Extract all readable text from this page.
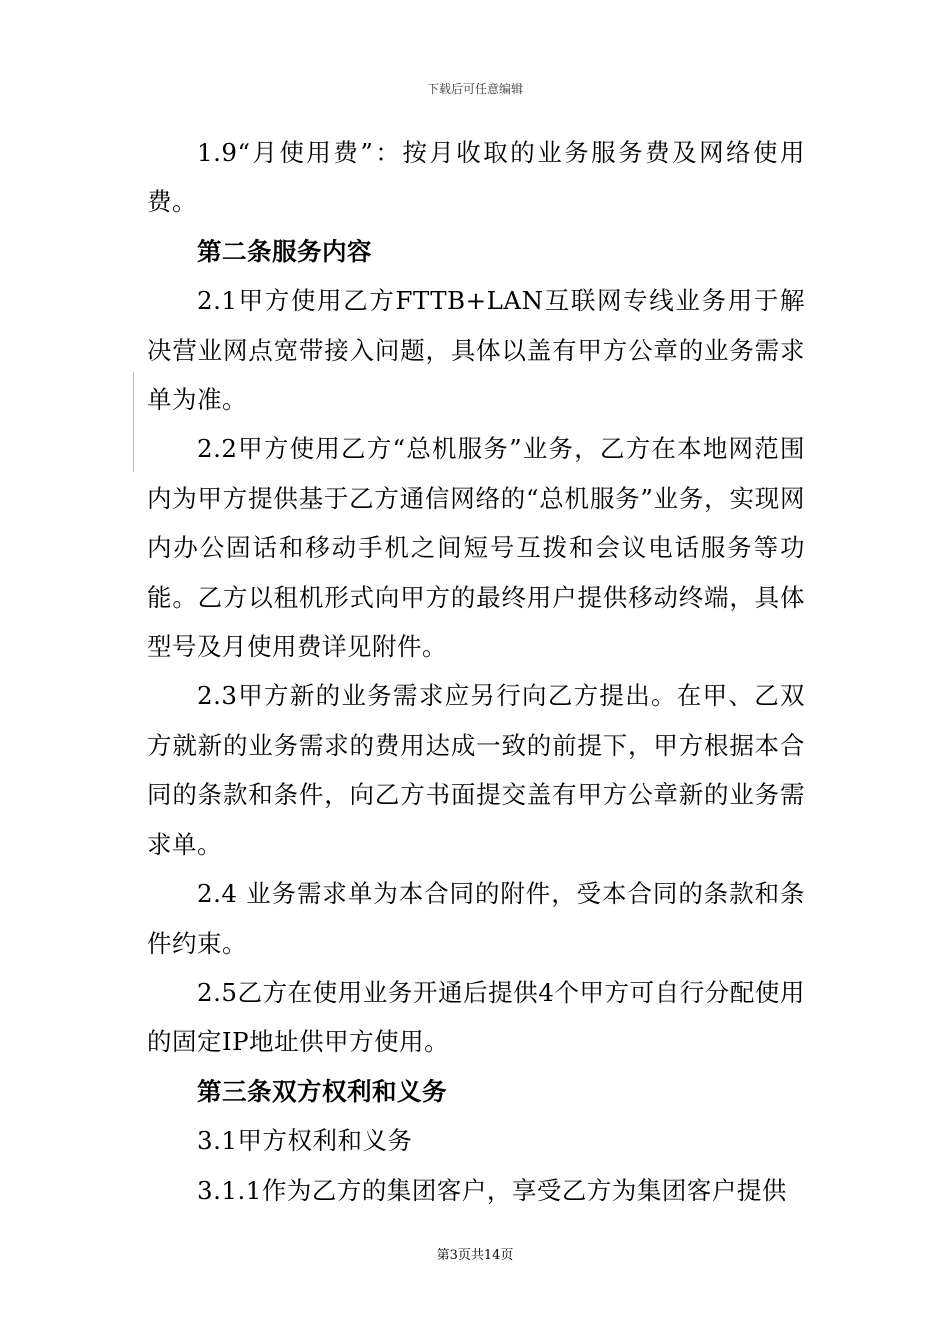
下载后可任意编辑

1.9“月使用费”：按月收取的业务服务费及网络使用费。

第二条服务内容

2.1甲方使用乙方FTTB+LAN互联网专线业务用于解决营业网点宽带接入问题，具体以盖有甲方公章的业务需求单为准。

2.2甲方使用乙方“总机服务”业务，乙方在本地网范围内为甲方提供基于乙方通信网络的“总机服务”业务，实现网内办公固话和移动手机之间短号互拨和会议电话服务等功能。乙方以租机形式向甲方的最终用户提供移动终端，具体型号及月使用费详见附件。

2.3甲方新的业务需求应另行向乙方提出。在甲、乙双方就新的业务需求的费用达成一致的前提下，甲方根据本合同的条款和条件，向乙方书面提交盖有甲方公章新的业务需求单。

2.4 业务需求单为本合同的附件，受本合同的条款和条件约束。

2.5乙方在使用业务开通后提供4个甲方可自行分配使用的固定IP地址供甲方使用。

第三条双方权利和义务

3.1甲方权利和义务

3.1.1作为乙方的集团客户，享受乙方为集团客户提供

第3页共14页
